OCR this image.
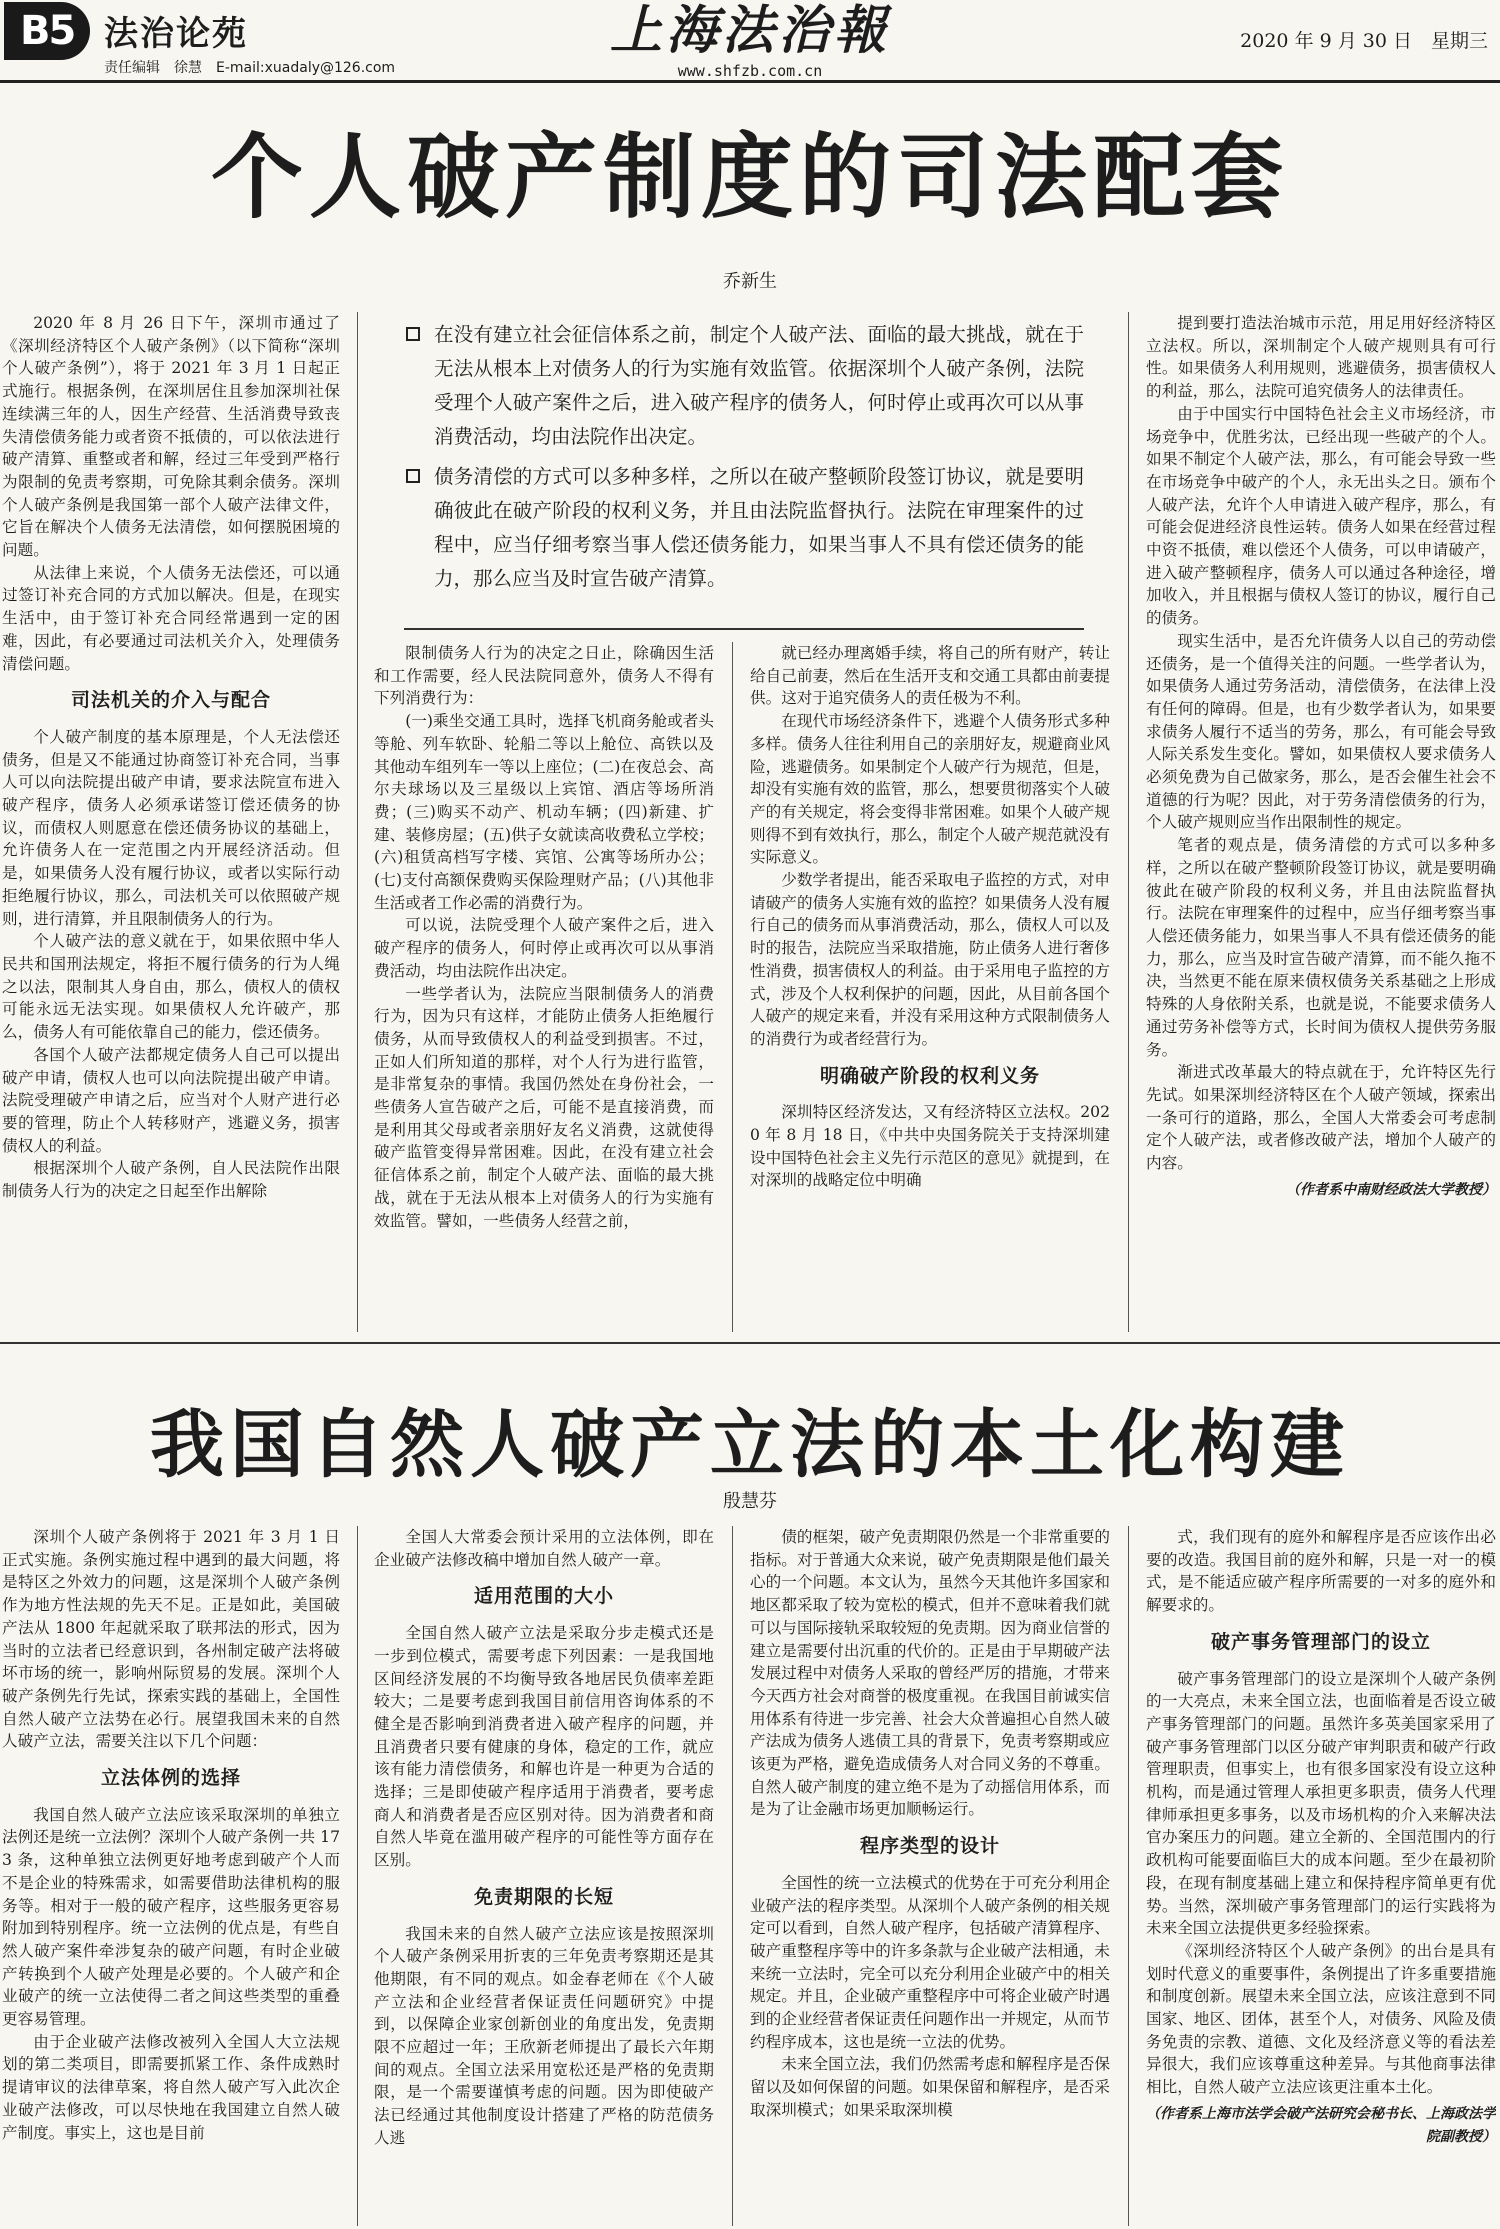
B5 法治论苑
责任编辑　徐慧　E-mail:xuadaly@126.com
上海法治報
www.shfzb.com.cn
2020 年 9 月 30 日　星期三
个人破产制度的司法配套
乔新生
在没有建立社会征信体系之前，制定个人破产法、面临的最大挑战，就在于无法从根本上对债务人的行为实施有效监管。依据深圳个人破产条例，法院受理个人破产案件之后，进入破产程序的债务人，何时停止或再次可以从事消费活动，均由法院作出决定。
债务清偿的方式可以多种多样，之所以在破产整顿阶段签订协议，就是要明确彼此在破产阶段的权利义务，并且由法院监督执行。法院在审理案件的过程中，应当仔细考察当事人偿还债务能力，如果当事人不具有偿还债务的能力，那么应当及时宣告破产清算。

2020 年 8 月 26 日下午，深圳市通过了《深圳经济特区个人破产条例》（以下简称“深圳个人破产条例”），将于 2021 年 3 月 1 日起正式施行。根据条例，在深圳居住且参加深圳社保连续满三年的人，因生产经营、生活消费导致丧失清偿债务能力或者资不抵债的，可以依法进行破产清算、重整或者和解，经过三年受到严格行为限制的免责考察期，可免除其剩余债务。深圳个人破产条例是我国第一部个人破产法律文件，它旨在解决个人债务无法清偿，如何摆脱困境的问题。

从法律上来说，个人债务无法偿还，可以通过签订补充合同的方式加以解决。但是，在现实生活中，由于签订补充合同经常遇到一定的困难，因此，有必要通过司法机关介入，处理债务清偿问题。

司法机关的介入与配合

个人破产制度的基本原理是，个人无法偿还债务，但是又不能通过协商签订补充合同，当事人可以向法院提出破产申请，要求法院宣布进入破产程序，债务人必须承诺签订偿还债务的协议，而债权人则愿意在偿还债务协议的基础上，允许债务人在一定范围之内开展经济活动。但是，如果债务人没有履行协议，或者以实际行动拒绝履行协议，那么，司法机关可以依照破产规则，进行清算，并且限制债务人的行为。

个人破产法的意义就在于，如果依照中华人民共和国刑法规定，将拒不履行债务的行为人绳之以法，限制其人身自由，那么，债权人的债权可能永远无法实现。如果债权人允许破产，那么，债务人有可能依靠自己的能力，偿还债务。

各国个人破产法都规定债务人自己可以提出破产申请，债权人也可以向法院提出破产申请。法院受理破产申请之后，应当对个人财产进行必要的管理，防止个人转移财产，逃避义务，损害债权人的利益。

根据深圳个人破产条例，自人民法院作出限制债务人行为的决定之日起至作出解除

限制债务人行为的决定之日止，除确因生活和工作需要，经人民法院同意外，债务人不得有下列消费行为：

(一)乘坐交通工具时，选择飞机商务舱或者头等舱、列车软卧、轮船二等以上舱位、高铁以及其他动车组列车一等以上座位；(二)在夜总会、高尔夫球场以及三星级以上宾馆、酒店等场所消费；(三)购买不动产、机动车辆；(四)新建、扩建、装修房屋；(五)供子女就读高收费私立学校；(六)租赁高档写字楼、宾馆、公寓等场所办公；(七)支付高额保费购买保险理财产品；(八)其他非生活或者工作必需的消费行为。

可以说，法院受理个人破产案件之后，进入破产程序的债务人，何时停止或再次可以从事消费活动，均由法院作出决定。

一些学者认为，法院应当限制债务人的消费行为，因为只有这样，才能防止债务人拒绝履行债务，从而导致债权人的利益受到损害。不过，正如人们所知道的那样，对个人行为进行监管，是非常复杂的事情。我国仍然处在身份社会，一些债务人宣告破产之后，可能不是直接消费，而是利用其父母或者亲朋好友名义消费，这就使得破产监管变得异常困难。因此，在没有建立社会征信体系之前，制定个人破产法、面临的最大挑战，就在于无法从根本上对债务人的行为实施有效监管。譬如，一些债务人经营之前，

就已经办理离婚手续，将自己的所有财产，转让给自己前妻，然后在生活开支和交通工具都由前妻提供。这对于追究债务人的责任极为不利。

在现代市场经济条件下，逃避个人债务形式多种多样。债务人往往利用自己的亲朋好友，规避商业风险，逃避债务。如果制定个人破产行为规范，但是，却没有实施有效的监管，那么，想要贯彻落实个人破产的有关规定，将会变得非常困难。如果个人破产规则得不到有效执行，那么，制定个人破产规范就没有实际意义。

少数学者提出，能否采取电子监控的方式，对申请破产的债务人实施有效的监控？如果债务人没有履行自己的债务而从事消费活动，那么，债权人可以及时的报告，法院应当采取措施，防止债务人进行奢侈性消费，损害债权人的利益。由于采用电子监控的方式，涉及个人权利保护的问题，因此，从目前各国个人破产的规定来看，并没有采用这种方式限制债务人的消费行为或者经营行为。

明确破产阶段的权利义务

深圳特区经济发达，又有经济特区立法权。2020 年 8 月 18 日，《中共中央国务院关于支持深圳建设中国特色社会主义先行示范区的意见》就提到，在对深圳的战略定位中明确

提到要打造法治城市示范，用足用好经济特区立法权。所以，深圳制定个人破产规则具有可行性。如果债务人利用规则，逃避债务，损害债权人的利益，那么，法院可追究债务人的法律责任。

由于中国实行中国特色社会主义市场经济，市场竞争中，优胜劣汰，已经出现一些破产的个人。如果不制定个人破产法，那么，有可能会导致一些在市场竞争中破产的个人，永无出头之日。颁布个人破产法，允许个人申请进入破产程序，那么，有可能会促进经济良性运转。债务人如果在经营过程中资不抵债，难以偿还个人债务，可以申请破产，进入破产整顿程序，债务人可以通过各种途径，增加收入，并且根据与债权人签订的协议，履行自己的债务。

现实生活中，是否允许债务人以自己的劳动偿还债务，是一个值得关注的问题。一些学者认为，如果债务人通过劳务活动，清偿债务，在法律上没有任何的障碍。但是，也有少数学者认为，如果要求债务人履行不适当的劳务，那么，有可能会导致人际关系发生变化。譬如，如果债权人要求债务人必须免费为自己做家务，那么，是否会催生社会不道德的行为呢？因此，对于劳务清偿债务的行为，个人破产规则应当作出限制性的规定。

笔者的观点是，债务清偿的方式可以多种多样，之所以在破产整顿阶段签订协议，就是要明确彼此在破产阶段的权利义务，并且由法院监督执行。法院在审理案件的过程中，应当仔细考察当事人偿还债务能力，如果当事人不具有偿还债务的能力，那么，应当及时宣告破产清算，而不能久拖不决，当然更不能在原来债权债务关系基础之上形成特殊的人身依附关系，也就是说，不能要求债务人通过劳务补偿等方式，长时间为债权人提供劳务服务。

渐进式改革最大的特点就在于，允许特区先行先试。如果深圳经济特区在个人破产领域，探索出一条可行的道路，那么，全国人大常委会可考虑制定个人破产法，或者修改破产法，增加个人破产的内容。

（作者系中南财经政法大学教授）

我国自然人破产立法的本土化构建
殷慧芬

深圳个人破产条例将于 2021 年 3 月 1 日正式实施。条例实施过程中遇到的最大问题，将是特区之外效力的问题，这是深圳个人破产条例作为地方性法规的先天不足。正是如此，美国破产法从 1800 年起就采取了联邦法的形式，因为当时的立法者已经意识到，各州制定破产法将破坏市场的统一，影响州际贸易的发展。深圳个人破产条例先行先试，探索实践的基础上，全国性自然人破产立法势在必行。展望我国未来的自然人破产立法，需要关注以下几个问题：

立法体例的选择

我国自然人破产立法应该采取深圳的单独立法例还是统一立法例？深圳个人破产条例一共 173 条，这种单独立法例更好地考虑到破产个人而不是企业的特殊需求，如需要借助法律机构的服务等。相对于一般的破产程序，这些服务更容易附加到特别程序。统一立法例的优点是，有些自然人破产案件牵涉复杂的破产问题，有时企业破产转换到个人破产处理是必要的。个人破产和企业破产的统一立法使得二者之间这些类型的重叠更容易管理。

由于企业破产法修改被列入全国人大立法规划的第二类项目，即需要抓紧工作、条件成熟时提请审议的法律草案，将自然人破产写入此次企业破产法修改，可以尽快地在我国建立自然人破产制度。事实上，这也是目前

全国人大常委会预计采用的立法体例，即在企业破产法修改稿中增加自然人破产一章。

适用范围的大小

全国自然人破产立法是采取分步走模式还是一步到位模式，需要考虑下列因素：一是我国地区间经济发展的不均衡导致各地居民负债率差距较大；二是要考虑到我国目前信用咨询体系的不健全是否影响到消费者进入破产程序的问题，并且消费者只要有健康的身体，稳定的工作，就应该有能力清偿债务，和解也许是一种更为合适的选择；三是即使破产程序适用于消费者，要考虑商人和消费者是否应区别对待。因为消费者和商自然人毕竟在滥用破产程序的可能性等方面存在区别。

免责期限的长短

我国未来的自然人破产立法应该是按照深圳个人破产条例采用折衷的三年免责考察期还是其他期限，有不同的观点。如金春老师在《个人破产立法和企业经营者保证责任问题研究》中提到，以保障企业家创新创业的角度出发，免责期限不应超过一年；王欣新老师提出了最长六年期间的观点。全国立法采用宽松还是严格的免责期限，是一个需要谨慎考虑的问题。因为即使破产法已经通过其他制度设计搭建了严格的防范债务人逃

债的框架，破产免责期限仍然是一个非常重要的指标。对于普通大众来说，破产免责期限是他们最关心的一个问题。本文认为，虽然今天其他许多国家和地区都采取了较为宽松的模式，但并不意味着我们就可以与国际接轨采取较短的免责期。因为商业信誉的建立是需要付出沉重的代价的。正是由于早期破产法发展过程中对债务人采取的曾经严厉的措施，才带来今天西方社会对商誉的极度重视。在我国目前诚实信用体系有待进一步完善、社会大众普遍担心自然人破产法成为债务人逃债工具的背景下，免责考察期或应该更为严格，避免造成债务人对合同义务的不尊重。自然人破产制度的建立绝不是为了动摇信用体系，而是为了让金融市场更加顺畅运行。

程序类型的设计

全国性的统一立法模式的优势在于可充分利用企业破产法的程序类型。从深圳个人破产条例的相关规定可以看到，自然人破产程序，包括破产清算程序、破产重整程序等中的许多条款与企业破产法相通，未来统一立法时，完全可以充分利用企业破产中的相关规定。并且，企业破产重整程序中可将企业破产时遇到的企业经营者保证责任问题作出一并规定，从而节约程序成本，这也是统一立法的优势。

未来全国立法，我们仍然需考虑和解程序是否保留以及如何保留的问题。如果保留和解程序，是否采取深圳模式；如果采取深圳模

式，我们现有的庭外和解程序是否应该作出必要的改造。我国目前的庭外和解，只是一对一的模式，是不能适应破产程序所需要的一对多的庭外和解要求的。

破产事务管理部门的设立

破产事务管理部门的设立是深圳个人破产条例的一大亮点，未来全国立法，也面临着是否设立破产事务管理部门的问题。虽然许多英美国家采用了破产事务管理部门以区分破产审判职责和破产行政管理职责，但事实上，也有很多国家没有设立这种机构，而是通过管理人承担更多职责，债务人代理律师承担更多事务，以及市场机构的介入来解决法官办案压力的问题。建立全新的、全国范围内的行政机构可能要面临巨大的成本问题。至少在最初阶段，在现有制度基础上建立和保持程序简单更有优势。当然，深圳破产事务管理部门的运行实践将为未来全国立法提供更多经验探索。

《深圳经济特区个人破产条例》的出台是具有划时代意义的重要事件，条例提出了许多重要措施和制度创新。展望未来全国立法，应该注意到不同国家、地区、团体，甚至个人，对债务、风险及债务免责的宗教、道德、文化及经济意义等的看法差异很大，我们应该尊重这种差异。与其他商事法律相比，自然人破产立法应该更注重本土化。

（作者系上海市法学会破产法研究会秘书长、上海政法学院副教授）
